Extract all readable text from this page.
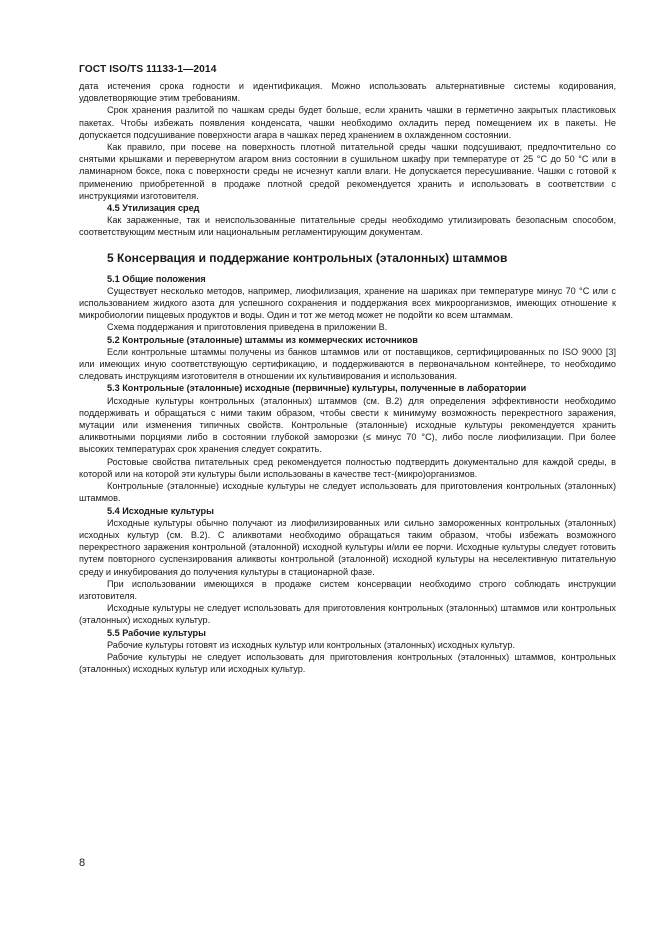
ГОСТ ISO/TS 11133-1—2014

дата истечения срока годности и идентификация. Можно использовать альтернативные системы кодирования, удовлетворяющие этим требованиям.

Срок хранения разлитой по чашкам среды будет больше, если хранить чашки в герметично закрытых пластиковых пакетах. Чтобы избежать появления конденсата, чашки необходимо охладить перед помещением их в пакеты. Не допускается подсушивание поверхности агара в чашках перед хранением в охлажденном состоянии.

Как правило, при посеве на поверхность плотной питательной среды чашки подсушивают, предпочтительно со снятыми крышками и перевернутом агаром вниз состоянии в сушильном шкафу при температуре от 25 °C до 50 °C или в ламинарном боксе, пока с поверхности среды не исчезнут капли влаги. Не допускается пересушивание. Чашки с готовой к применению приобретенной в продаже плотной средой рекомендуется хранить и использовать в соответствии с инструкциями изготовителя.

4.5 Утилизация сред

Как зараженные, так и неиспользованные питательные среды необходимо утилизировать безопасным способом, соответствующим местным или национальным регламентирующим документам.

5 Консервация и поддержание контрольных (эталонных) штаммов

5.1 Общие положения

Существует несколько методов, например, лиофилизация, хранение на шариках при температуре минус 70 °C или с использованием жидкого азота для успешного сохранения и поддержания всех микроорганизмов, имеющих отношение к микробиологии пищевых продуктов и воды. Один и тот же метод может не подойти ко всем штаммам.

Схема поддержания и приготовления приведена в приложении В.

5.2 Контрольные (эталонные) штаммы из коммерческих источников

Если контрольные штаммы получены из банков штаммов или от поставщиков, сертифицированных по ISO 9000 [3] или имеющих иную соответствующую сертификацию, и поддерживаются в первоначальном контейнере, то необходимо следовать инструкциям изготовителя в отношении их культивирования и использования.

5.3 Контрольные (эталонные) исходные (первичные) культуры, полученные в лаборатории

Исходные культуры контрольных (эталонных) штаммов (см. В.2) для определения эффективности необходимо поддерживать и обращаться с ними таким образом, чтобы свести к минимуму возможность перекрестного заражения, мутации или изменения типичных свойств. Контрольные (эталонные) исходные культуры рекомендуется хранить аликвотными порциями либо в состоянии глубокой заморозки (≤ минус 70 °C), либо после лиофилизации. При более высоких температурах срок хранения следует сократить.

Ростовые свойства питательных сред рекомендуется полностью подтвердить документально для каждой среды, в которой или на которой эти культуры были использованы в качестве тест-(микро)организмов.

Контрольные (эталонные) исходные культуры не следует использовать для приготовления контрольных (эталонных) штаммов.

5.4 Исходные культуры

Исходные культуры обычно получают из лиофилизированных или сильно замороженных контрольных (эталонных) исходных культур (см. В.2). С аликвотами необходимо обращаться таким образом, чтобы избежать возможного перекрестного заражения контрольной (эталонной) исходной культуры и/или ее порчи. Исходные культуры следует готовить путем повторного суспензирования аликвоты контрольной (эталонной) исходной культуры на неселективную питательную среду и инкубирования до получения культуры в стационарной фазе.

При использовании имеющихся в продаже систем консервации необходимо строго соблюдать инструкции изготовителя.

Исходные культуры не следует использовать для приготовления контрольных (эталонных) штаммов или контрольных (эталонных) исходных культур.

5.5 Рабочие культуры

Рабочие культуры готовят из исходных культур или контрольных (эталонных) исходных культур.

Рабочие культуры не следует использовать для приготовления контрольных (эталонных) штаммов, контрольных (эталонных) исходных культур или исходных культур.

8
